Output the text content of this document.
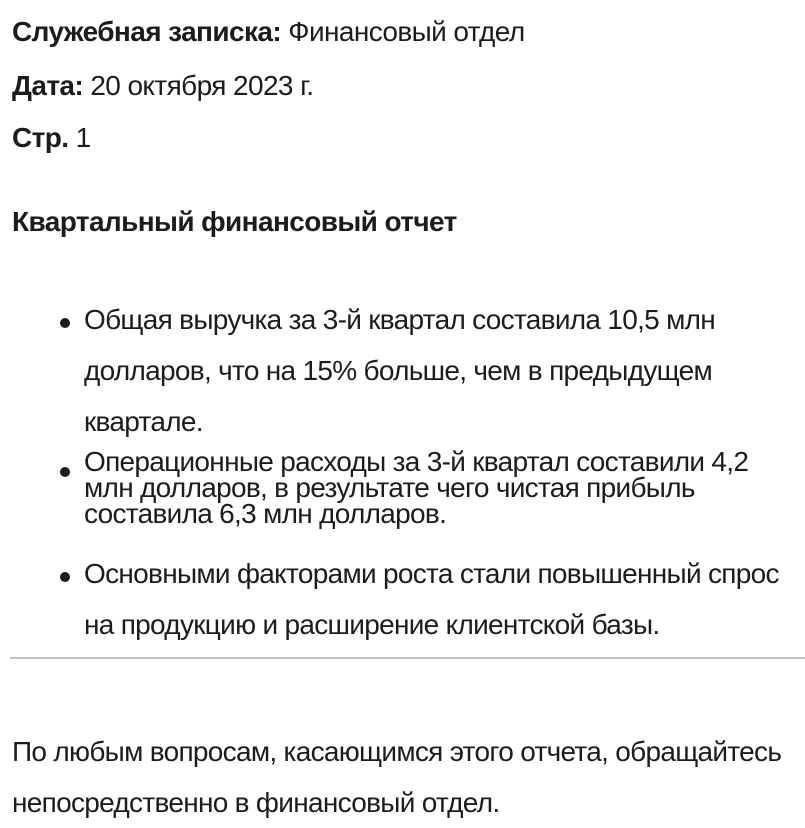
Служебная записка: Финансовый отдел
Дата: 20 октября 2023 г.
Стр. 1
Квартальный финансовый отчет

Общая выручка за 3-й квартал составила 10,5 млн долларов, что на 15% больше, чем в предыдущем квартале.

Операционные расходы за 3-й квартал составили 4,2 млн долларов, в результате чего чистая прибыль составила 6,3 млн долларов.

Основными факторами роста стали повышенный спрос на продукцию и расширение клиентской базы.

По любым вопросам, касающимся этого отчета, обращайтесь непосредственно в финансовый отдел.
